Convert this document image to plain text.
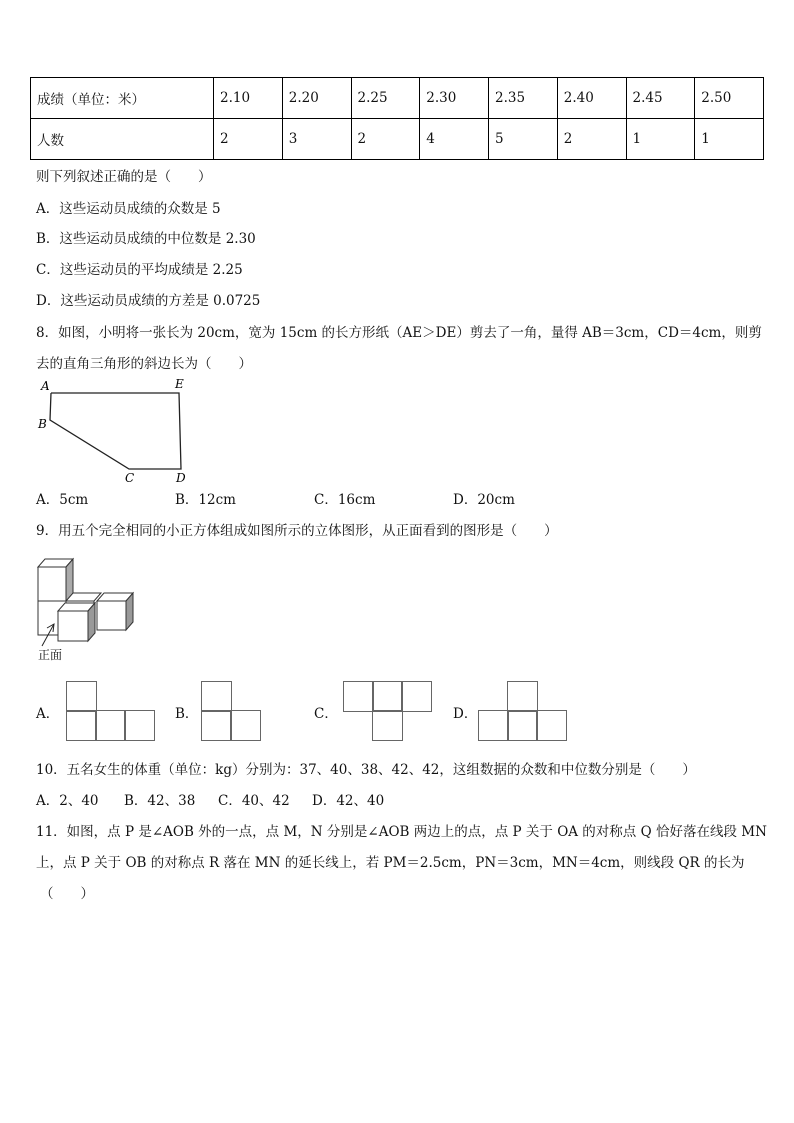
成绩（单位：米）	2.10	2.20	2.25	2.30	2.35	2.40	2.45	2.50
人数	2	3	2	4	5	2	1	1
则下列叙述正确的是（　　）
A．这些运动员成绩的众数是 5
B．这些运动员成绩的中位数是 2.30
C．这些运动员的平均成绩是 2.25
D．这些运动员成绩的方差是 0.0725
8．如图，小明将一张长为 20cm，宽为 15cm 的长方形纸（AE＞DE）剪去了一角，量得 AB＝3cm，CD＝4cm，则剪
去的直角三角形的斜边长为（　　）
A	E
B
C	D
A．5cm	B．12cm	C．16cm	D．20cm
9．用五个完全相同的小正方体组成如图所示的立体图形，从正面看到的图形是（　　）
正面
A．	B．	C．	D．
10．五名女生的体重（单位：kg）分别为：37、40、38、42、42，这组数据的众数和中位数分别是（　　）
A．2、40 B．42、38 C．40、42 D．42、40
11．如图，点 P 是∠AOB 外的一点，点 M，N 分别是∠AOB 两边上的点，点 P 关于 OA 的对称点 Q 恰好落在线段 MN
上，点 P 关于 OB 的对称点 R 落在 MN 的延长线上，若 PM＝2.5cm，PN＝3cm，MN＝4cm，则线段 QR 的长为
（　　）
